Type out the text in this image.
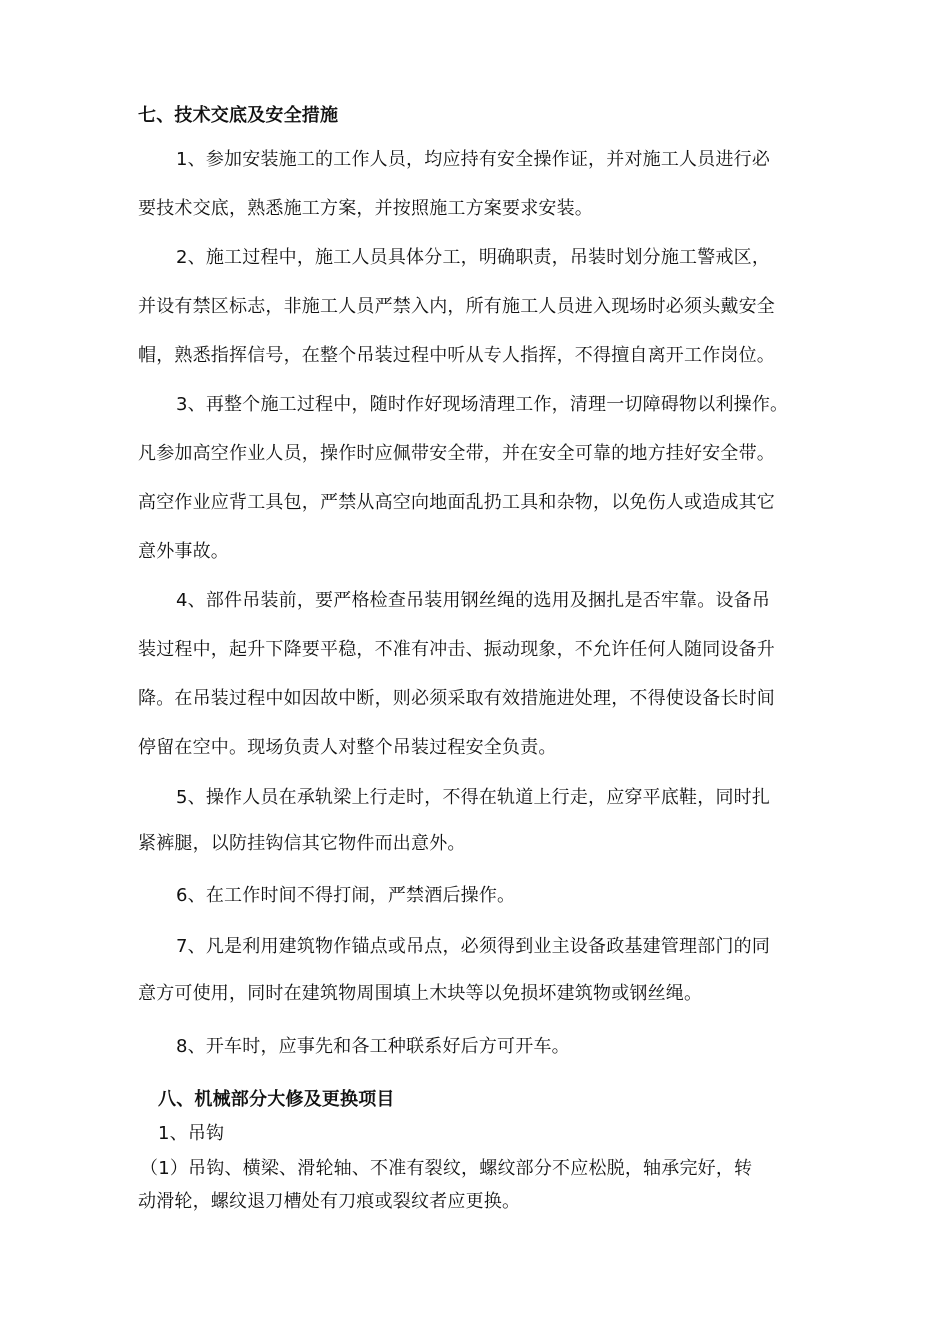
七、技术交底及安全措施
1、参加安装施工的工作人员，均应持有安全操作证，并对施工人员进行必
要技术交底，熟悉施工方案，并按照施工方案要求安装。
2、施工过程中，施工人员具体分工，明确职责，吊装时划分施工警戒区，
并设有禁区标志，非施工人员严禁入内，所有施工人员进入现场时必须头戴安全
帽，熟悉指挥信号，在整个吊装过程中听从专人指挥，不得擅自离开工作岗位。
3、再整个施工过程中，随时作好现场清理工作，清理一切障碍物以利操作。
凡参加高空作业人员，操作时应佩带安全带，并在安全可靠的地方挂好安全带。
高空作业应背工具包，严禁从高空向地面乱扔工具和杂物，以免伤人或造成其它
意外事故。
4、部件吊装前，要严格检查吊装用钢丝绳的选用及捆扎是否牢靠。设备吊
装过程中，起升下降要平稳，不准有冲击、振动现象，不允许任何人随同设备升
降。在吊装过程中如因故中断，则必须采取有效措施进处理，不得使设备长时间
停留在空中。现场负责人对整个吊装过程安全负责。
5、操作人员在承轨梁上行走时，不得在轨道上行走，应穿平底鞋，同时扎
紧裤腿，以防挂钩信其它物件而出意外。
6、在工作时间不得打闹，严禁酒后操作。
7、凡是利用建筑物作锚点或吊点，必须得到业主设备政基建管理部门的同
意方可使用，同时在建筑物周围填上木块等以免损坏建筑物或钢丝绳。
8、开车时，应事先和各工种联系好后方可开车。
八、机械部分大修及更换项目
1、吊钩
（1）吊钩、横梁、滑轮轴、不准有裂纹，螺纹部分不应松脱，轴承完好，转
动滑轮，螺纹退刀槽处有刀痕或裂纹者应更换。
